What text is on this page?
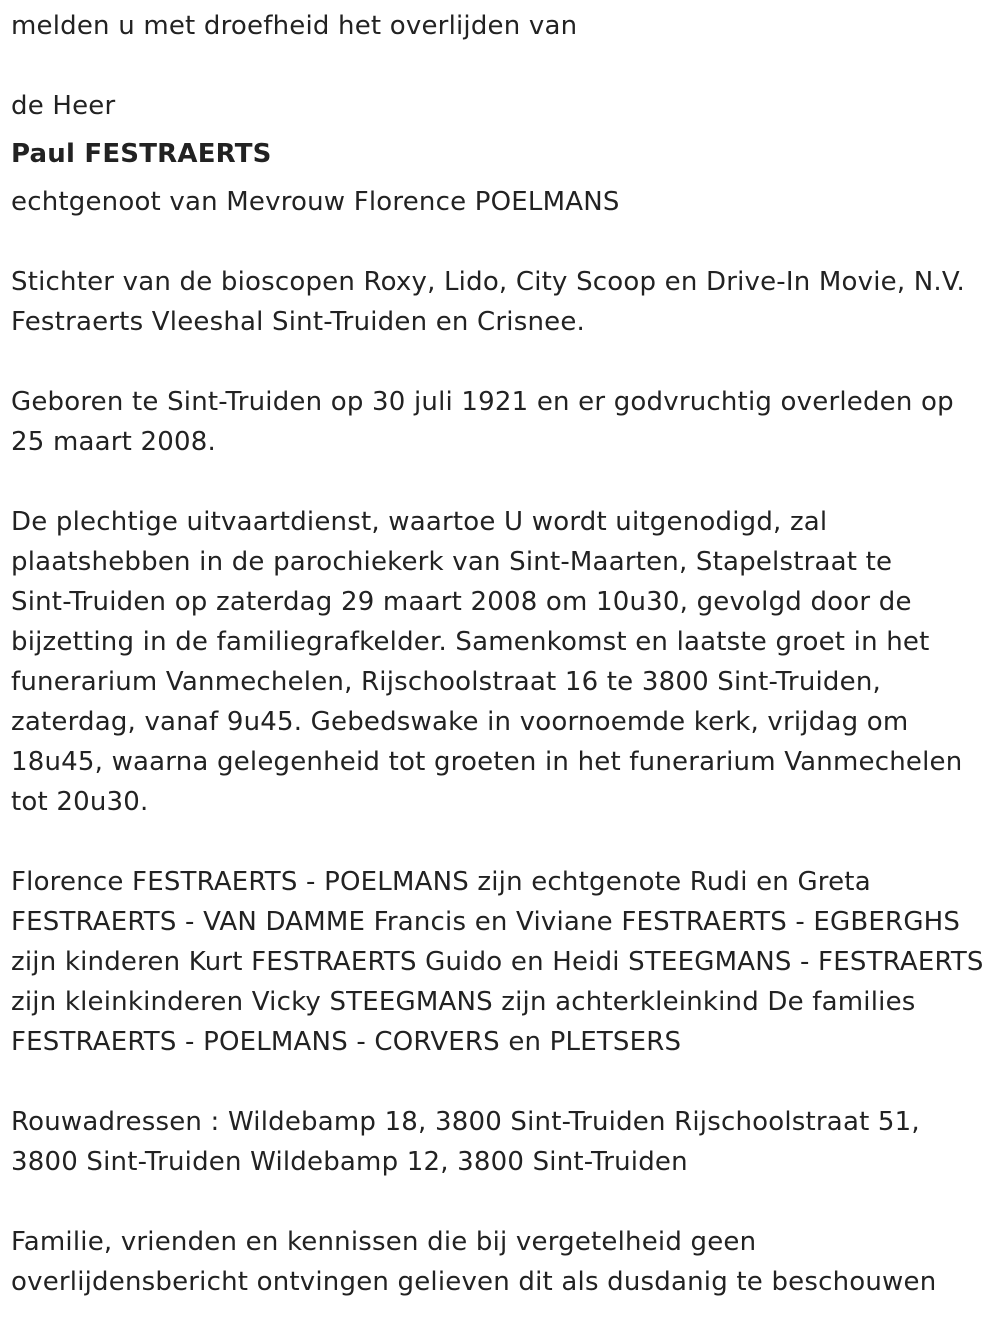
melden u met droefheid het overlijden van

de Heer

Paul FESTRAERTS

echtgenoot van Mevrouw Florence POELMANS

Stichter van de bioscopen Roxy, Lido, City Scoop en Drive-In Movie, N.V.

Festraerts Vleeshal Sint-Truiden en Crisnee.

Geboren te Sint-Truiden op 30 juli 1921 en er godvruchtig overleden op

25 maart 2008.

De plechtige uitvaartdienst, waartoe U wordt uitgenodigd, zal

plaatshebben in de parochiekerk van Sint-Maarten, Stapelstraat te

Sint-Truiden op zaterdag 29 maart 2008 om 10u30, gevolgd door de

bijzetting in de familiegrafkelder. Samenkomst en laatste groet in het

funerarium Vanmechelen, Rijschoolstraat 16 te 3800 Sint-Truiden,

zaterdag, vanaf 9u45. Gebedswake in voornoemde kerk, vrijdag om

18u45, waarna gelegenheid tot groeten in het funerarium Vanmechelen

tot 20u30.

Florence FESTRAERTS - POELMANS zijn echtgenote Rudi en Greta

FESTRAERTS - VAN DAMME Francis en Viviane FESTRAERTS - EGBERGHS

zijn kinderen Kurt FESTRAERTS Guido en Heidi STEEGMANS - FESTRAERTS

zijn kleinkinderen Vicky STEEGMANS zijn achterkleinkind De families

FESTRAERTS - POELMANS - CORVERS en PLETSERS

Rouwadressen : Wildebamp 18, 3800 Sint-Truiden Rijschoolstraat 51,

3800 Sint-Truiden Wildebamp 12, 3800 Sint-Truiden

Familie, vrienden en kennissen die bij vergetelheid geen

overlijdensbericht ontvingen gelieven dit als dusdanig te beschouwen
